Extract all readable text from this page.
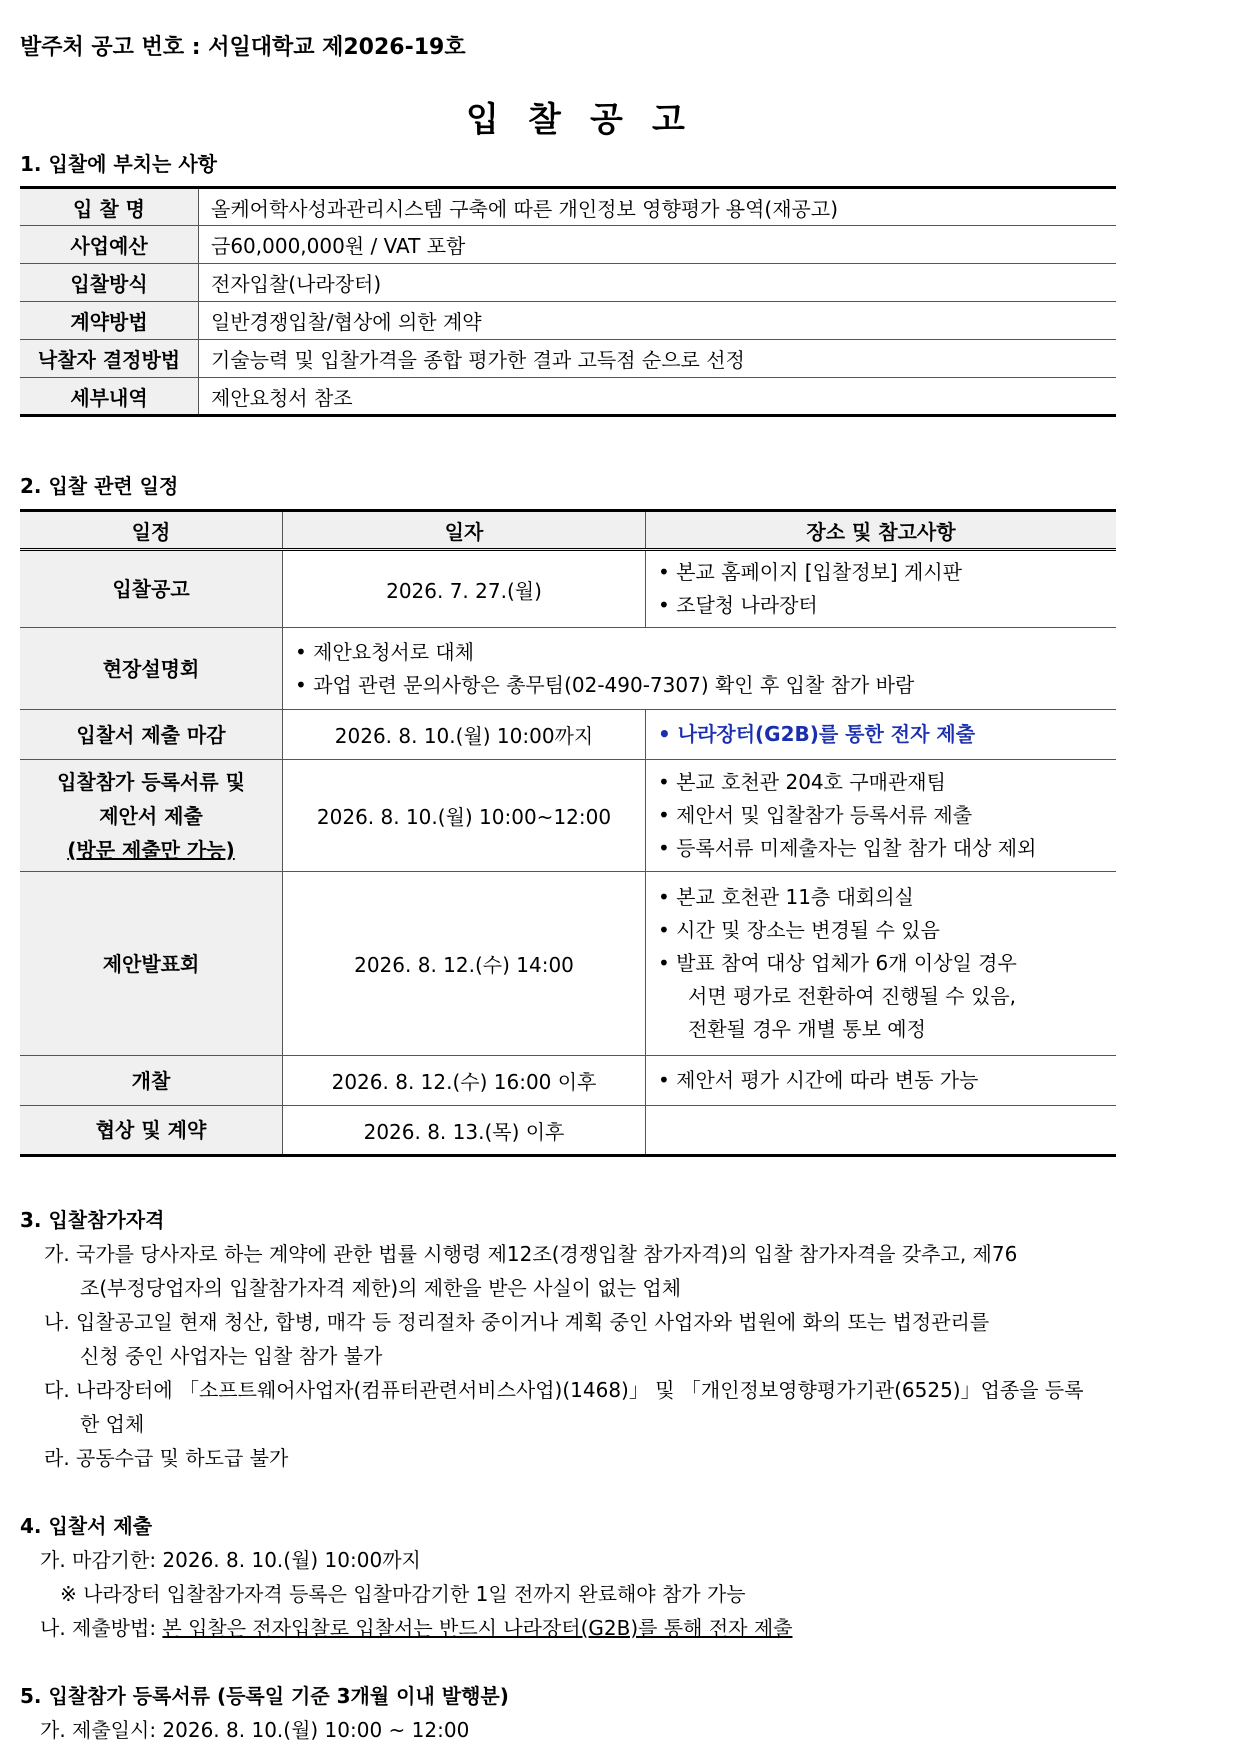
발주처 공고 번호 : 서일대학교 제2026-19호
입 찰 공 고
1. 입찰에 부치는 사항
입 찰 명	올케어학사성과관리시스템 구축에 따른 개인정보 영향평가 용역(재공고)
사업예산	금60,000,000원 / VAT 포함
입찰방식	전자입찰(나라장터)
계약방법	일반경쟁입찰/협상에 의한 계약
낙찰자 결정방법	기술능력 및 입찰가격을 종합 평가한 결과 고득점 순으로 선정
세부내역	제안요청서 참조
2. 입찰 관련 일정
일정	일자	장소 및 참고사항
입찰공고	2026. 7. 27.(월)	• 본교 홈페이지 [입찰정보] 게시판
• 조달청 나라장터

현장설명회	• 제안요청서로 대체
• 과업 관련 문의사항은 총무팀(02-490-7307) 확인 후 입찰 참가 바람

입찰서 제출 마감	2026. 8. 10.(월) 10:00까지	• 나라장터(G2B)를 통한 전자 제출

입찰참가 등록서류 및
제안서 제출
(방문 제출만 가능)	2026. 8. 10.(월) 10:00~12:00	• 본교 호천관 204호 구매관재팀
• 제안서 및 입찰참가 등록서류 제출
• 등록서류 미제출자는 입찰 참가 대상 제외

제안발표회	2026. 8. 12.(수) 14:00	• 본교 호천관 11층 대회의실
• 시간 및 장소는 변경될 수 있음
• 발표 참여 대상 업체가 6개 이상일 경우
서면 평가로 전환하여 진행될 수 있음,
전환될 경우 개별 통보 예정

개찰	2026. 8. 12.(수) 16:00 이후	• 제안서 평가 시간에 따라 변동 가능

협상 및 계약	2026. 8. 13.(목) 이후	
3. 입찰참가자격
가. 국가를 당사자로 하는 계약에 관한 법률 시행령 제12조(경쟁입찰 참가자격)의 입찰 참가자격을 갖추고, 제76
조(부정당업자의 입찰참가자격 제한)의 제한을 받은 사실이 없는 업체
나. 입찰공고일 현재 청산, 합병, 매각 등 정리절차 중이거나 계획 중인 사업자와 법원에 화의 또는 법정관리를
신청 중인 사업자는 입찰 참가 불가
다. 나라장터에 「소프트웨어사업자(컴퓨터관련서비스사업)(1468)」 및 「개인정보영향평가기관(6525)」업종을 등록
한 업체
라. 공동수급 및 하도급 불가
4. 입찰서 제출
가. 마감기한: 2026. 8. 10.(월) 10:00까지
※ 나라장터 입찰참가자격 등록은 입찰마감기한 1일 전까지 완료해야 참가 가능
나. 제출방법: 본 입찰은 전자입찰로 입찰서는 반드시 나라장터(G2B)를 통해 전자 제출
5. 입찰참가 등록서류 (등록일 기준 3개월 이내 발행분)
가. 제출일시: 2026. 8. 10.(월) 10:00 ~ 12:00
